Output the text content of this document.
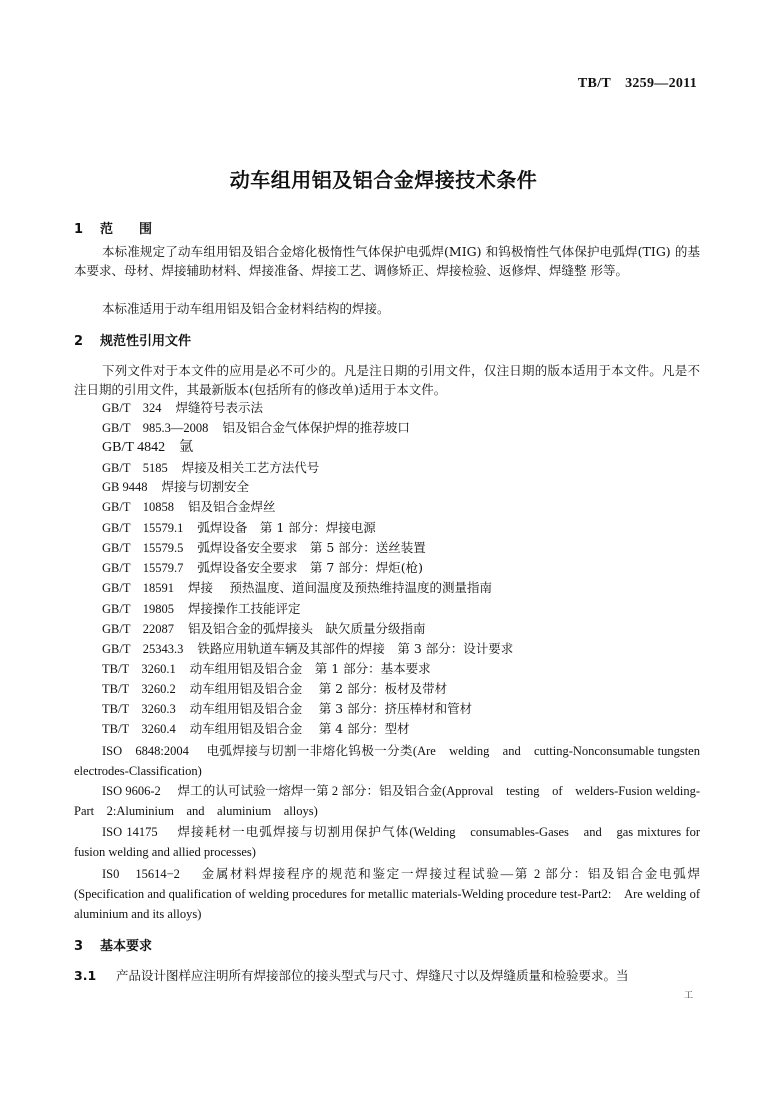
TB/T　3259—2011
动车组用铝及铝合金焊接技术条件
1 范 围
本标准规定了动车组用铝及铝合金熔化极惰性气体保护电弧焊(MIG) 和钨极惰性气体保护电弧焊(TIG) 的基本要求、母材、焊接辅助材料、焊接准备、焊接工艺、调修矫正、焊接检验、返修焊、焊缝整 形等。
本标准适用于动车组用铝及铝合金材料结构的焊接。
2 规范性引用文件
下列文件对于本文件的应用是必不可少的。凡是注日期的引用文件，仅注日期的版本适用于本文件。凡是不注日期的引用文件，其最新版本(包括所有的修改单)适用于本文件。
GB/T　324 焊缝符号表示法
GB/T　985.3—2008 铝及铝合金气体保护焊的推荐坡口
GB/T 4842 氩
GB/T　5185 焊接及相关工艺方法代号
GB 9448 焊接与切割安全
GB/T　10858 铝及铝合金焊丝
GB/T　15579.1 弧焊设备　第 1 部分：焊接电源
GB/T　15579.5 弧焊设备安全要求　第 5 部分：送丝装置
GB/T　15579.7 弧焊设备安全要求　第 7 部分：焊炬(枪)
GB/T　18591 焊接　 预热温度、道间温度及预热维持温度的测量指南
GB/T　19805 焊接操作工技能评定
GB/T　22087 铝及铝合金的弧焊接头　缺欠质量分级指南
GB/T　25343.3 铁路应用轨道车辆及其部件的焊接　第 3 部分：设计要求
TB/T　3260.1 动车组用铝及铝合金　第 1 部分：基本要求
TB/T　3260.2 动车组用铝及铝合金　 第 2 部分：板材及带材
TB/T　3260.3 动车组用铝及铝合金　 第 3 部分：挤压棒材和管材
TB/T　3260.4 动车组用铝及铝合金　 第 4 部分：型材
ISO　6848:2004　 电弧焊接与切割一非熔化钨极一分类(Are　welding　and　cutting-Nonconsumable tungsten　 electrodes-Classification)
ISO 9606-2　 焊工的认可试验一熔焊一第 2 部分：铝及铝合金(Approval　testing　of　welders-Fusion welding-Part　2:Aluminium　and　aluminium　alloys)
ISO 14175　 焊接耗材一电弧焊接与切割用保护气体(Welding　consumables-Gases　and　gas mixtures for fusion welding and allied processes)
IS0　15614−2　 金属材料焊接程序的规范和鉴定一焊接过程试验—第 2 部分：铝及铝合金电弧焊 (Specification and qualification of welding procedures for metallic materials-Welding procedure test-Part2:　Are welding of aluminium and its alloys)
3 基本要求
3.1 产品设计图样应注明所有焊接部位的接头型式与尺寸、焊缝尺寸以及焊缝质量和检验要求。当
工
